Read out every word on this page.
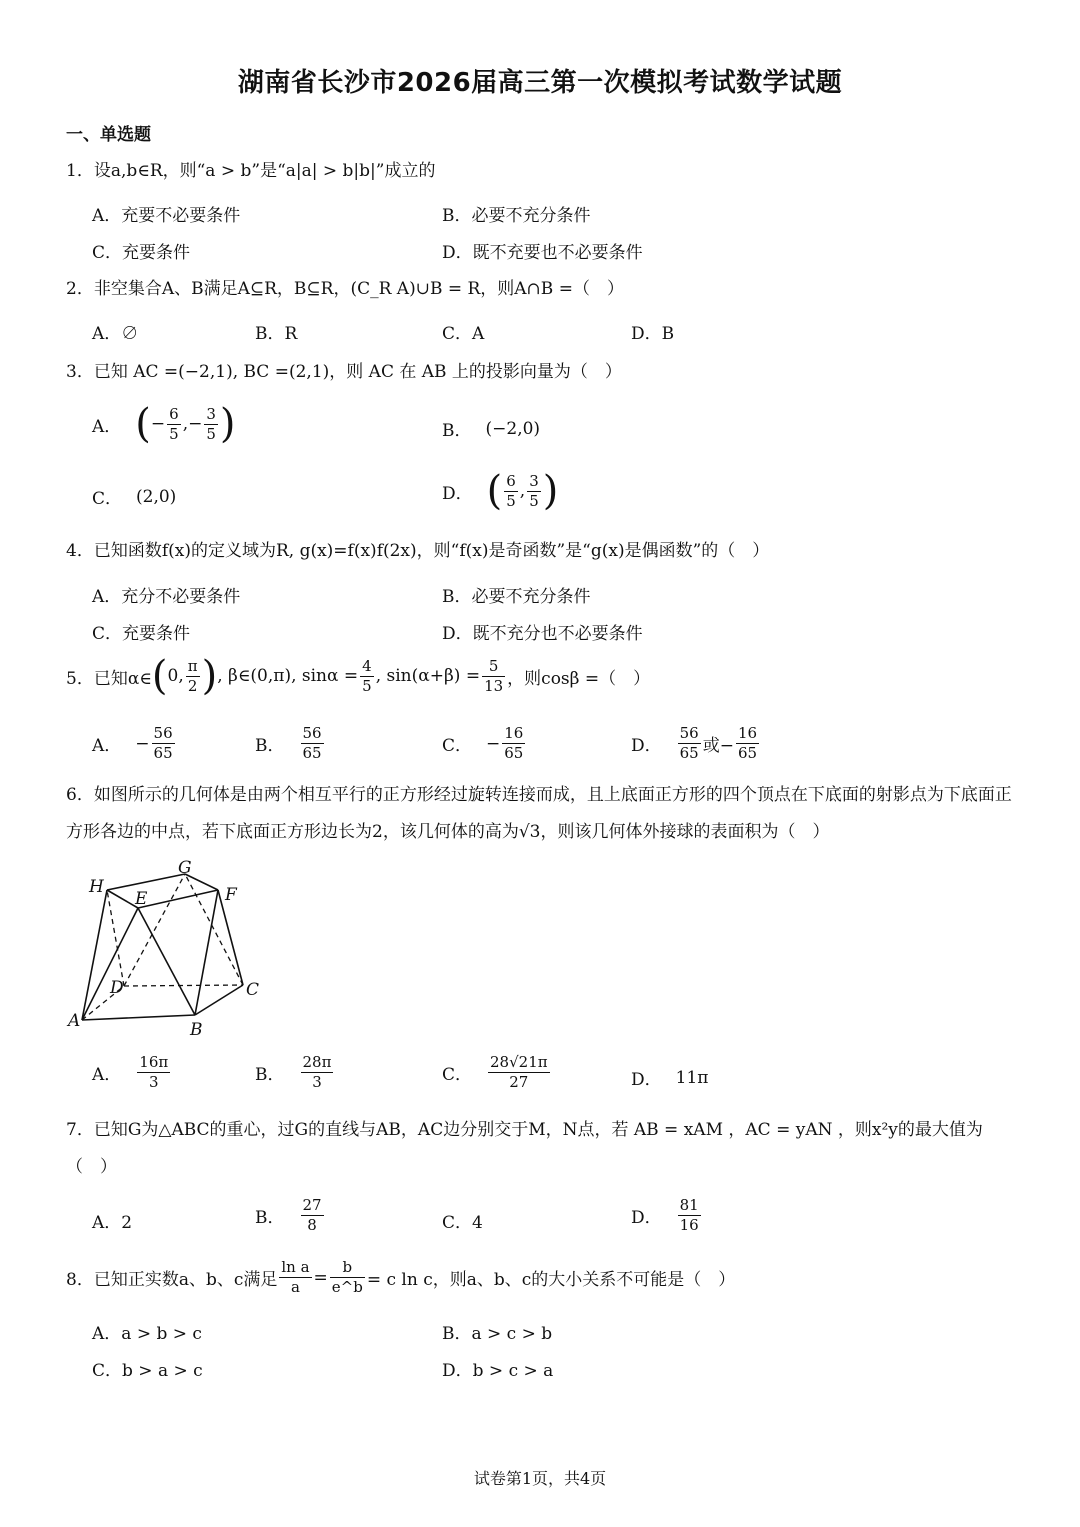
湖南省长沙市2026届高三第一次模拟考试数学试题
一、单选题
1．设a,b∈R，则“a > b”是“a|a| > b|b|”成立的
A．充要不必要条件	B．必要不充分条件
C．充要条件	D．既不充要也不必要条件
2．非空集合A、B满足A⊆R，B⊆R，(C_R A)∪B = R，则A∩B =（　）
A．∅	B．R	C．A	D．B
3．已知 AC =(−2,1), BC =(2,1)，则 AC 在 AB 上的投影向量为（　）
A． ( −
6
5 ,−
3
5 )	B． (−2,0)
C． (2,0)	D． ( 6
5 ,
3
5 )
4．已知函数f(x)的定义域为R, g(x)=f(x)f(2x)，则“f(x)是奇函数”是“g(x)是偶函数”的（　）
A．充分不必要条件	B．必要不充分条件
C．充要条件	D．既不充分也不必要条件
5．已知α∈ ( 0,
π
2 ) , β∈(0,π), $\sin\alpha = \frac{4}{5}$ , $\sin(\alpha+\beta) = \frac{5}{13}$ ，则cosβ =（　）
A． − $\frac{56}{65}$	B．
56
65	C． − $\frac{16}{65}$	D．
56
65 或− $\frac{16}{65}$
6．如图所示的几何体是由两个相互平行的正方形经过旋转连接而成，且上底面正方形的四个顶点在下底面的射影点为下底面正方形各边的中点，若下底面正方形边长为2，该几何体的高为√3，则该几何体外接球的表面积为（　）
A	B
C
D
E	F
G
H
A．
16π
3	B．
28π
3	C．
28√21π
27	D． 11π
7．已知G为△ABC的重心，过G的直线与AB，AC边分别交于M，N点，若 AB = xAM ，AC = yAN ，则x²y的最大值为（　）
A．2	B．
27
8	C．4	D．
81
16
8．已知正实数a、b、c满足 $\frac{\text{ln a}}{a} = \frac{b}{e\^{}b} = c$ ln c，则a、b、c的大小关系不可能是（　）
A．a > b > c	B．a > c > b
C．b > a > c	D．b > c > a
试卷第1页，共4页
